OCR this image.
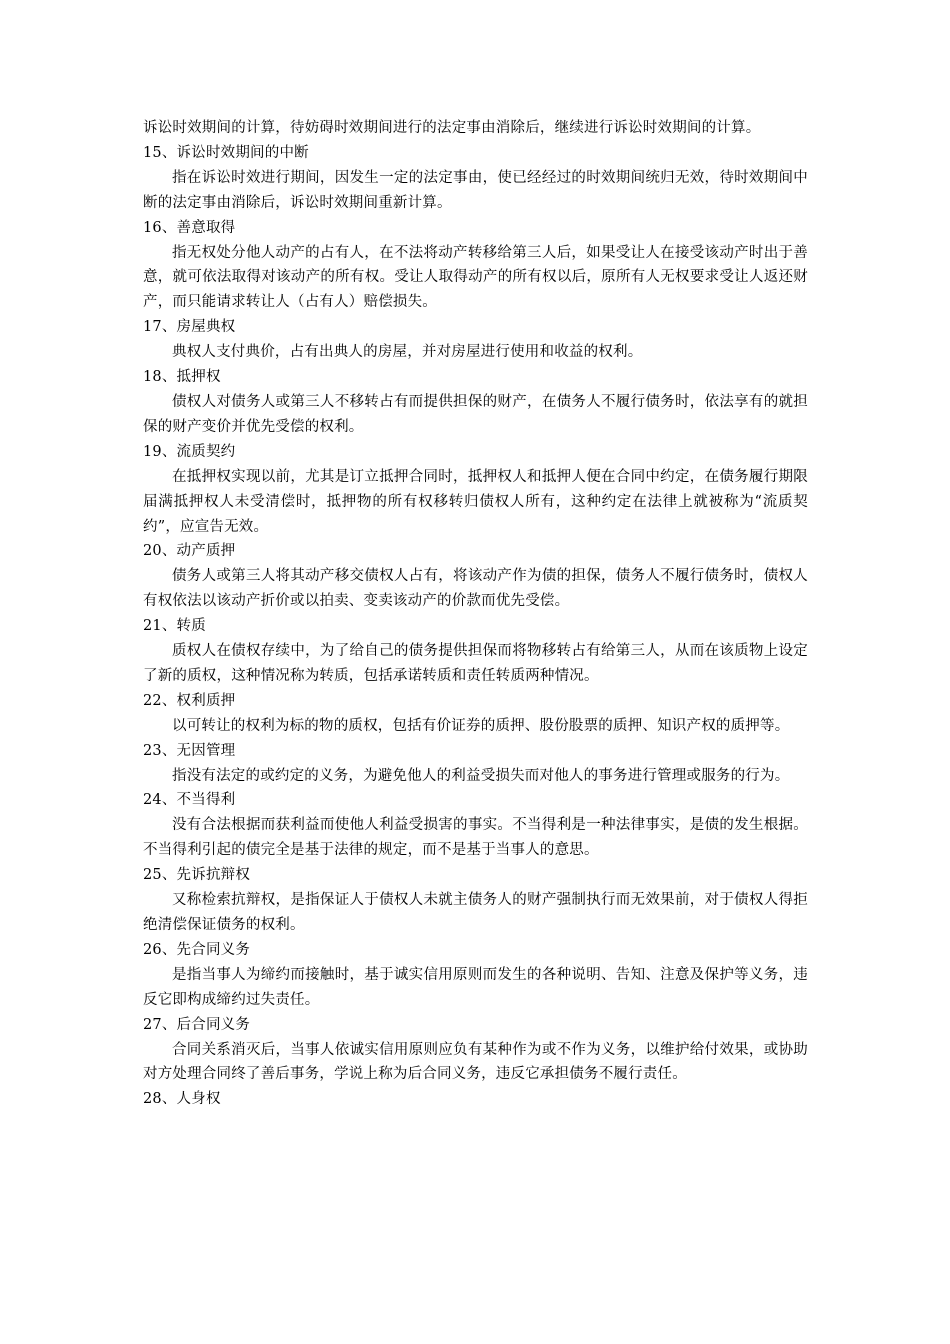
诉讼时效期间的计算，待妨碍时效期间进行的法定事由消除后，继续进行诉讼时效期间的计算。

15、诉讼时效期间的中断

指在诉讼时效进行期间，因发生一定的法定事由，使已经经过的时效期间统归无效，待时效期间中断的法定事由消除后，诉讼时效期间重新计算。

16、善意取得

指无权处分他人动产的占有人，在不法将动产转移给第三人后，如果受让人在接受该动产时出于善意，就可依法取得对该动产的所有权。受让人取得动产的所有权以后，原所有人无权要求受让人返还财产，而只能请求转让人（占有人）赔偿损失。

17、房屋典权

典权人支付典价，占有出典人的房屋，并对房屋进行使用和收益的权利。

18、抵押权

债权人对债务人或第三人不移转占有而提供担保的财产，在债务人不履行债务时，依法享有的就担保的财产变价并优先受偿的权利。

19、流质契约

在抵押权实现以前，尤其是订立抵押合同时，抵押权人和抵押人便在合同中约定，在债务履行期限届满抵押权人未受清偿时，抵押物的所有权移转归债权人所有，这种约定在法律上就被称为“流质契约”，应宣告无效。

20、动产质押

债务人或第三人将其动产移交债权人占有，将该动产作为债的担保，债务人不履行债务时，债权人有权依法以该动产折价或以拍卖、变卖该动产的价款而优先受偿。

21、转质

质权人在债权存续中，为了给自己的债务提供担保而将物移转占有给第三人，从而在该质物上设定了新的质权，这种情况称为转质，包括承诺转质和责任转质两种情况。

22、权利质押

以可转让的权利为标的物的质权，包括有价证券的质押、股份股票的质押、知识产权的质押等。

23、无因管理

指没有法定的或约定的义务，为避免他人的利益受损失而对他人的事务进行管理或服务的行为。

24、不当得利

没有合法根据而获利益而使他人利益受损害的事实。不当得利是一种法律事实，是债的发生根据。不当得利引起的债完全是基于法律的规定，而不是基于当事人的意思。

25、先诉抗辩权

又称检索抗辩权，是指保证人于债权人未就主债务人的财产强制执行而无效果前，对于债权人得拒绝清偿保证债务的权利。

26、先合同义务

是指当事人为缔约而接触时，基于诚实信用原则而发生的各种说明、告知、注意及保护等义务，违反它即构成缔约过失责任。

27、后合同义务

合同关系消灭后，当事人依诚实信用原则应负有某种作为或不作为义务，以维护给付效果，或协助对方处理合同终了善后事务，学说上称为后合同义务，违反它承担债务不履行责任。

28、人身权
